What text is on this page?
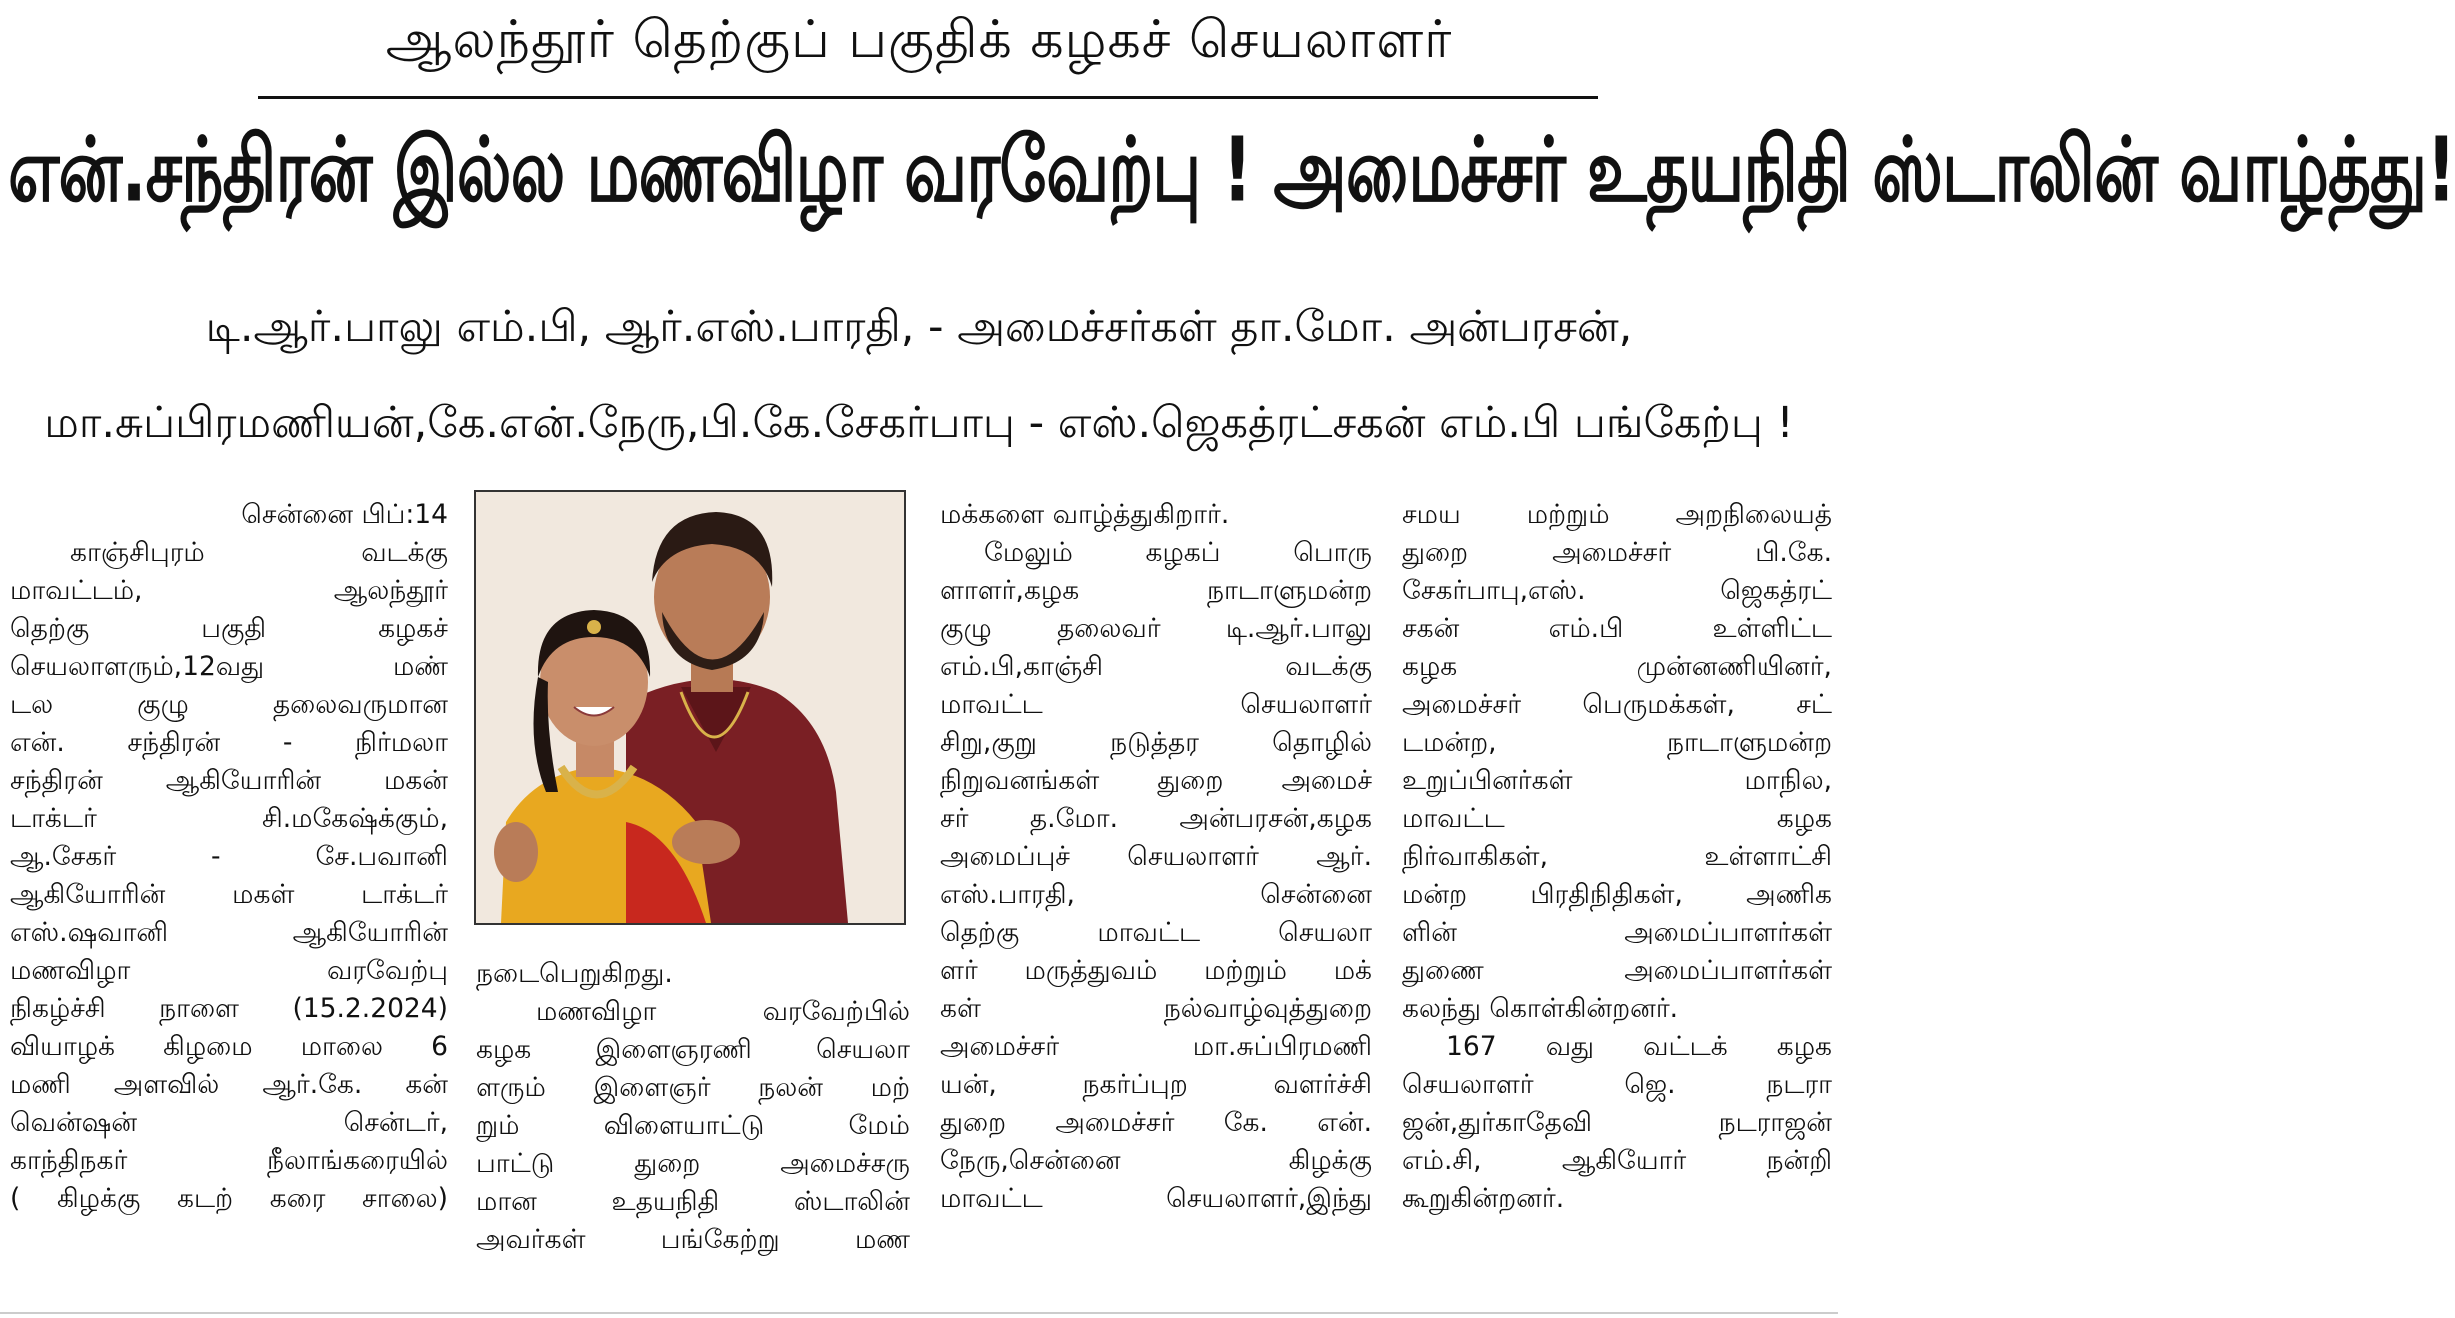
ஆலந்தூர் தெற்குப் பகுதிக் கழகச் செயலாளர்
என்.சந்திரன் இல்ல மணவிழா வரவேற்பு ! அமைச்சர் உதயநிதி ஸ்டாலின் வாழ்த்து!
டி.ஆர்.பாலு எம்.பி, ஆர்.எஸ்.பாரதி, - அமைச்சர்கள் தா.மோ. அன்பரசன்,
மா.சுப்பிரமணியன்,கே.என்.நேரு,பி.கே.சேகர்பாபு - எஸ்.ஜெகத்ரட்சகன் எம்.பி பங்கேற்பு !
சென்னை பிப்:14
காஞ்சிபுரம் வடக்கு
மாவட்டம், ஆலந்தூர்
தெற்கு பகுதி கழகச்
செயலாளரும்,12வது மண்
டல குழு தலைவருமான
என். சந்திரன் - நிர்மலா
சந்திரன் ஆகியோரின் மகன்
டாக்டர் சி.மகேஷ்க்கும்,
ஆ.சேகர் - சே.பவானி
ஆகியோரின் மகள் டாக்டர்
எஸ்.ஷவானி ஆகியோரின்
மணவிழா வரவேற்பு
நிகழ்ச்சி நாளை (15.2.2024)
வியாழக் கிழமை மாலை 6
மணி அளவில் ஆர்.கே. கன்
வென்ஷன் சென்டர்,
காந்திநகர் நீலாங்கரையில்
( கிழக்கு கடற் கரை சாலை)
நடைபெறுகிறது.
மணவிழா வரவேற்பில்
கழக இளைஞரணி செயலா
ளரும் இளைஞர் நலன் மற்
றும் விளையாட்டு மேம்
பாட்டு துறை அமைச்சரு
மான உதயநிதி ஸ்டாலின்
அவர்கள் பங்கேற்று மண
மக்களை வாழ்த்துகிறார்.
மேலும் கழகப் பொரு
ளாளர்,கழக நாடாளுமன்ற
குழு தலைவர் டி.ஆர்.பாலு
எம்.பி,காஞ்சி வடக்கு
மாவட்ட செயலாளர்
சிறு,குறு நடுத்தர தொழில்
நிறுவனங்கள் துறை அமைச்
சர் த.மோ. அன்பரசன்,கழக
அமைப்புச் செயலாளர் ஆர்.
எஸ்.பாரதி, சென்னை
தெற்கு மாவட்ட செயலா
ளர் மருத்துவம் மற்றும் மக்
கள் நல்வாழ்வுத்துறை
அமைச்சர் மா.சுப்பிரமணி
யன், நகர்ப்புற வளர்ச்சி
துறை அமைச்சர் கே. என்.
நேரு,சென்னை கிழக்கு
மாவட்ட செயலாளர்,இந்து
சமய மற்றும் அறநிலையத்
துறை அமைச்சர் பி.கே.
சேகர்பாபு,எஸ். ஜெகத்ரட்
சகன் எம்.பி உள்ளிட்ட
கழக முன்னணியினர்,
அமைச்சர் பெருமக்கள், சட்
டமன்ற, நாடாளுமன்ற
உறுப்பினர்கள் மாநில,
மாவட்ட கழக
நிர்வாகிகள், உள்ளாட்சி
மன்ற பிரதிநிதிகள், அணிக
ளின் அமைப்பாளர்கள்
துணை அமைப்பாளர்கள்
கலந்து கொள்கின்றனர்.
167 வது வட்டக் கழக
செயலாளர் ஜெ. நடரா
ஜன்,துர்காதேவி நடராஜன்
எம்.சி, ஆகியோர் நன்றி
கூறுகின்றனர்.
